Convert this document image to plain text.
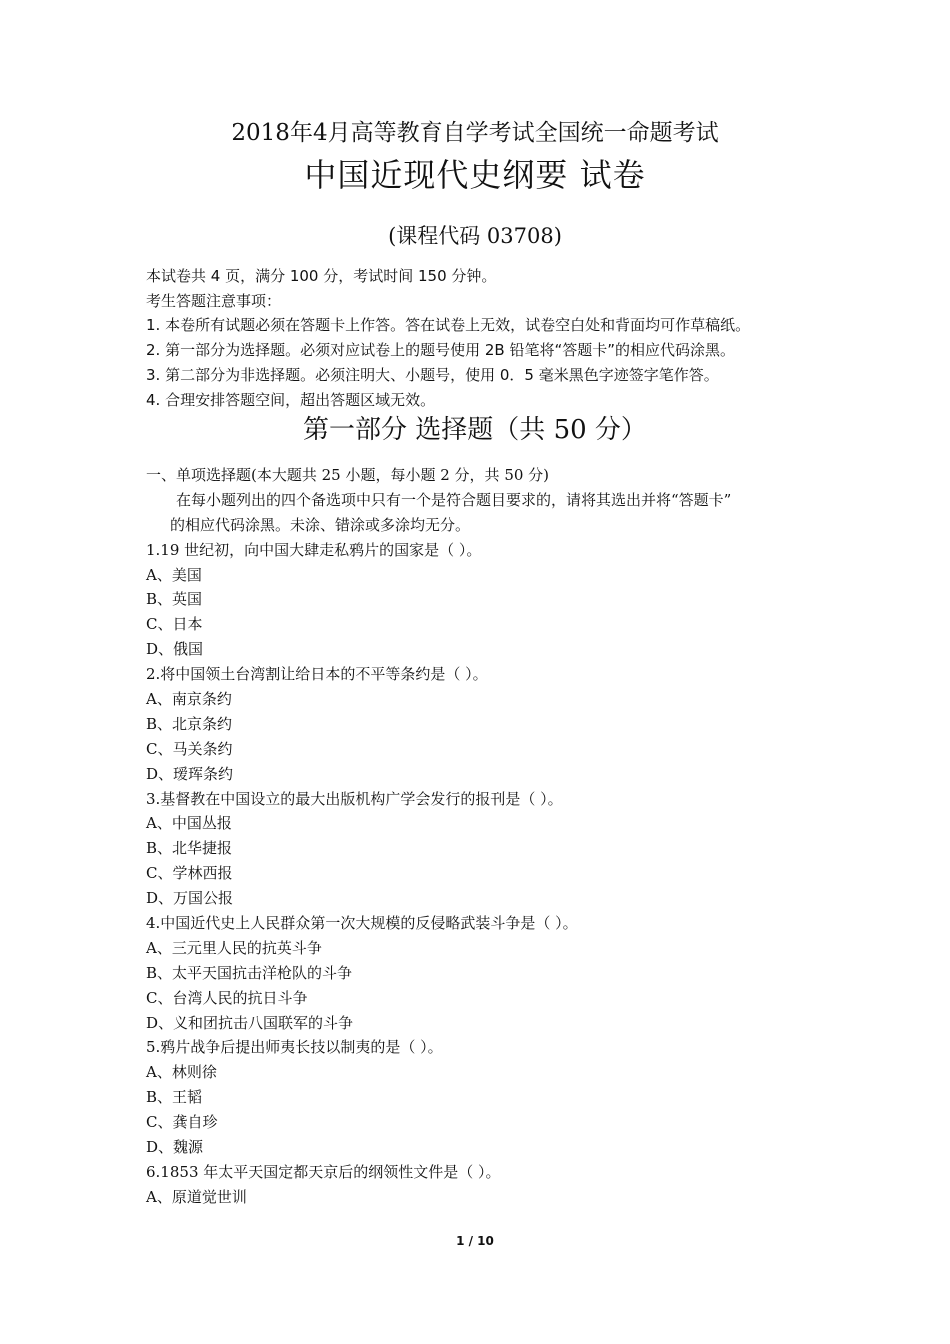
2018年4月高等教育自学考试全国统一命题考试
中国近现代史纲要 试卷
(课程代码 03708)
本试卷共 4 页，满分 100 分，考试时间 150 分钟。
考生答题注意事项：
1. 本卷所有试题必须在答题卡上作答。答在试卷上无效，试卷空白处和背面均可作草稿纸。
2. 第一部分为选择题。必须对应试卷上的题号使用 2B 铅笔将“答题卡”的相应代码涂黑。
3. 第二部分为非选择题。必须注明大、小题号，使用 0．5 毫米黑色字迹签字笔作答。
4. 合理安排答题空间，超出答题区域无效。
第一部分 选择题（共 50 分）
一、单项选择题(本大题共 25 小题，每小题 2 分，共 50 分)
在每小题列出的四个备选项中只有一个是符合题目要求的，请将其选出并将“答题卡”
的相应代码涂黑。未涂、错涂或多涂均无分。
1.19 世纪初，向中国大肆走私鸦片的国家是（ ）。
A、美国
B、英国
C、日本
D、俄国
2.将中国领土台湾割让给日本的不平等条约是（ ）。
A、南京条约
B、北京条约
C、马关条约
D、瑷珲条约
3.基督教在中国设立的最大出版机构广学会发行的报刊是（ ）。
A、中国丛报
B、北华捷报
C、学林西报
D、万国公报
4.中国近代史上人民群众第一次大规模的反侵略武装斗争是（ ）。
A、三元里人民的抗英斗争
B、太平天国抗击洋枪队的斗争
C、台湾人民的抗日斗争
D、义和团抗击八国联军的斗争
5.鸦片战争后提出师夷长技以制夷的是（ ）。
A、林则徐
B、王韬
C、龚自珍
D、魏源
6.1853 年太平天国定都天京后的纲领性文件是（ ）。
A、原道觉世训
1 / 10
